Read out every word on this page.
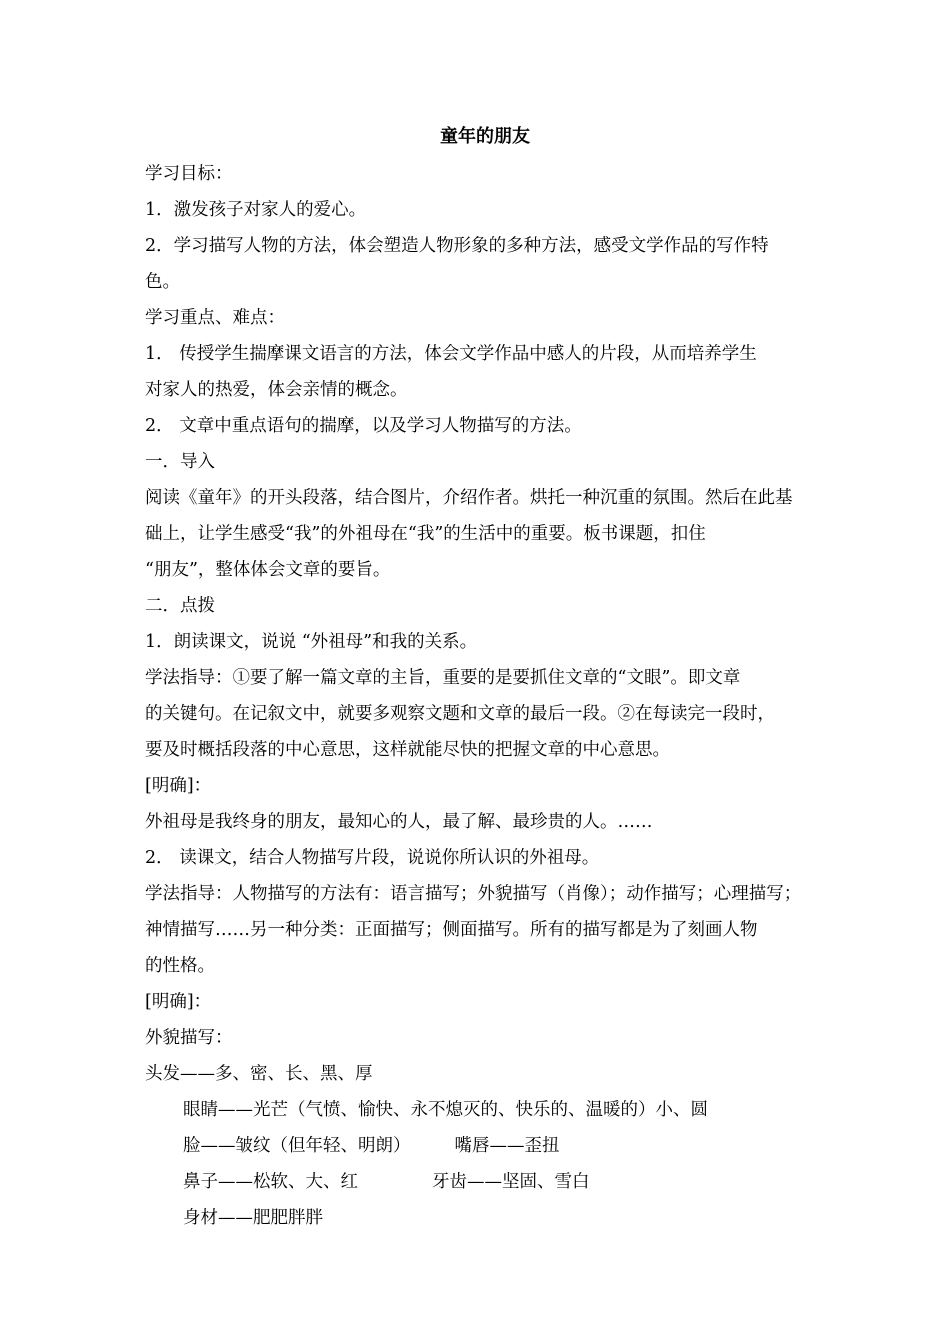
童年的朋友
学习目标：
1．激发孩子对家人的爱心。
2．学习描写人物的方法，体会塑造人物形象的多种方法，感受文学作品的写作特
色。
学习重点、难点：
1． 传授学生揣摩课文语言的方法，体会文学作品中感人的片段，从而培养学生
对家人的热爱，体会亲情的概念。
2． 文章中重点语句的揣摩，以及学习人物描写的方法。
一．导入
阅读《童年》的开头段落，结合图片，介绍作者。烘托一种沉重的氛围。然后在此基
础上，让学生感受“我”的外祖母在“我”的生活中的重要。板书课题，扣住
“朋友”，整体体会文章的要旨。
二．点拨
1．朗读课文，说说 “外祖母”和我的关系。
学法指导：①要了解一篇文章的主旨，重要的是要抓住文章的“文眼”。即文章
的关键句。在记叙文中，就要多观察文题和文章的最后一段。②在每读完一段时，
要及时概括段落的中心意思，这样就能尽快的把握文章的中心意思。
[明确]：
外祖母是我终身的朋友，最知心的人，最了解、最珍贵的人。……
2． 读课文，结合人物描写片段，说说你所认识的外祖母。
学法指导：人物描写的方法有：语言描写；外貌描写（肖像）；动作描写；心理描写；
神情描写……另一种分类：正面描写；侧面描写。所有的描写都是为了刻画人物
的性格。
[明确]：
外貌描写：
头发——多、密、长、黑、厚
眼睛——光芒（气愤、愉快、永不熄灭的、快乐的、温暖的）小、圆
脸——皱纹（但年轻、明朗）	嘴唇——歪扭
鼻子——松软、大、红	牙齿——坚固、雪白
身材——肥肥胖胖
